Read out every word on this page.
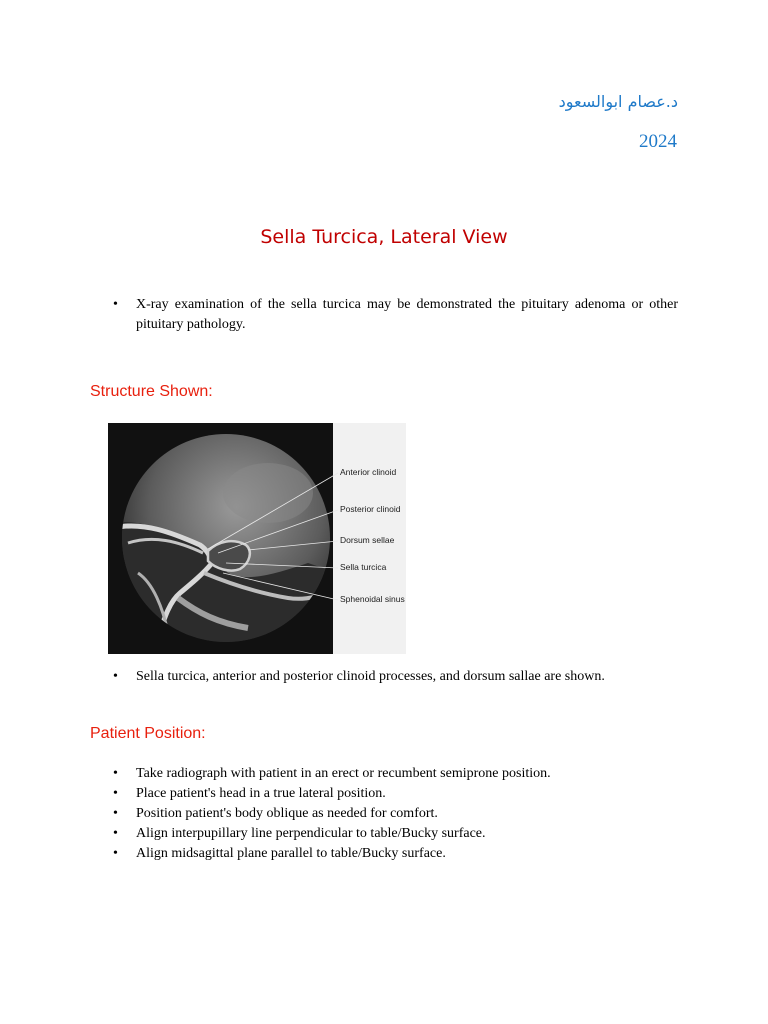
د.عصام ابوالسعود
2024
Sella Turcica, Lateral View
• X-ray examination of the sella turcica may be demonstrated the pituitary adenoma or other pituitary pathology.
Structure Shown:
Anterior clinoid
Posterior clinoid
Dorsum sellae
Sella turcica
Sphenoidal sinus
• Sella turcica, anterior and posterior clinoid processes, and dorsum sallae are shown.
Patient Position:
• Take radiograph with patient in an erect or recumbent semiprone position.
• Place patient's head in a true lateral position.
• Position patient's body oblique as needed for comfort.
• Align interpupillary line perpendicular to table/Bucky surface.
• Align midsagittal plane parallel to table/Bucky surface.
